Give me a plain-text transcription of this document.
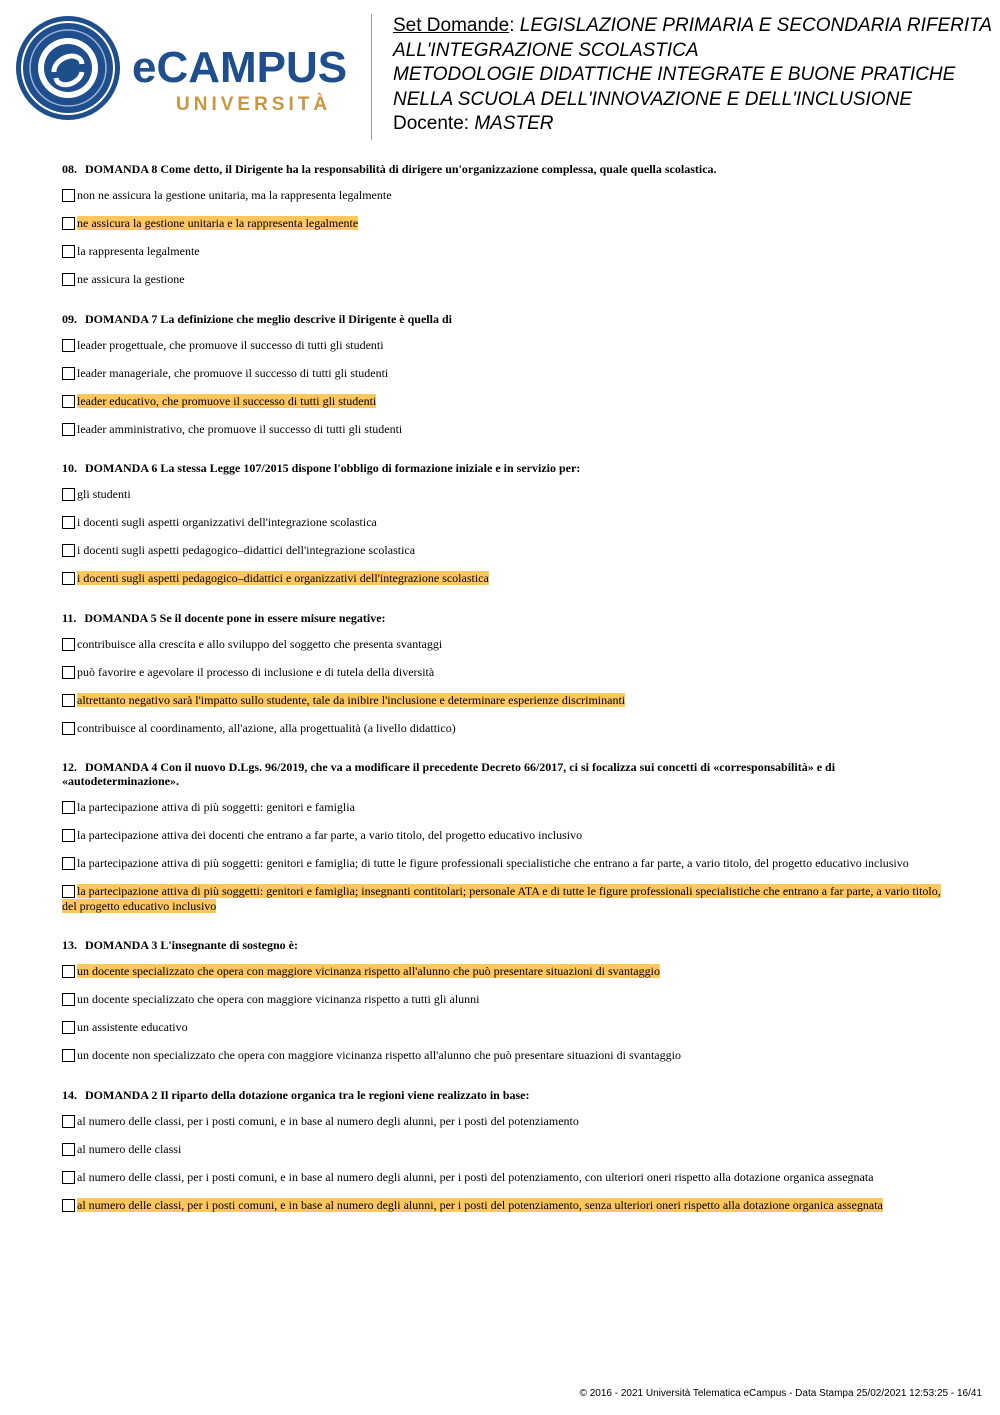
eCAMPUS
UNIVERSITÀ
Set Domande: LEGISLAZIONE PRIMARIA E SECONDARIA RIFERITA
ALL'INTEGRAZIONE SCOLASTICA
METODOLOGIE DIDATTICHE INTEGRATE E BUONE PRATICHE
NELLA SCUOLA DELL'INNOVAZIONE E DELL'INCLUSIONE
Docente: MASTER
08. DOMANDA 8 Come detto, il Dirigente ha la responsabilità di dirigere un'organizzazione complessa, quale quella scolastica.
non ne assicura la gestione unitaria, ma la rappresenta legalmente
ne assicura la gestione unitaria e la rappresenta legalmente
la rappresenta legalmente
ne assicura la gestione
09. DOMANDA 7 La definizione che meglio descrive il Dirigente è quella di
leader progettuale, che promuove il successo di tutti gli studenti
leader manageriale, che promuove il successo di tutti gli studenti
leader educativo, che promuove il successo di tutti gli studenti
leader amministrativo, che promuove il successo di tutti gli studenti
10. DOMANDA 6 La stessa Legge 107/2015 dispone l'obbligo di formazione iniziale e in servizio per:
gli studenti
i docenti sugli aspetti organizzativi dell'integrazione scolastica
i docenti sugli aspetti pedagogico–didattici dell'integrazione scolastica
i docenti sugli aspetti pedagogico–didattici e organizzativi dell'integrazione scolastica
11. DOMANDA 5 Se il docente pone in essere misure negative:
contribuisce alla crescita e allo sviluppo del soggetto che presenta svantaggi
può favorire e agevolare il processo di inclusione e di tutela della diversità
altrettanto negativo sarà l'impatto sullo studente, tale da inibire l'inclusione e determinare esperienze discriminanti
contribuisce al coordinamento, all'azione, alla progettualità (a livello didattico)
12. DOMANDA 4 Con il nuovo D.Lgs. 96/2019, che va a modificare il precedente Decreto 66/2017, ci si focalizza sui concetti di «corresponsabilità» e di «autodeterminazione».
la partecipazione attiva di più soggetti: genitori e famiglia
la partecipazione attiva dei docenti che entrano a far parte, a vario titolo, del progetto educativo inclusivo
la partecipazione attiva di più soggetti: genitori e famiglia; di tutte le figure professionali specialistiche che entrano a far parte, a vario titolo, del progetto educativo inclusivo
la partecipazione attiva di più soggetti: genitori e famiglia; insegnanti contitolari; personale ATA e di tutte le figure professionali specialistiche che entrano a far parte, a vario titolo, del progetto educativo inclusivo
13. DOMANDA 3 L'insegnante di sostegno è:
un docente specializzato che opera con maggiore vicinanza rispetto all'alunno che può presentare situazioni di svantaggio
un docente specializzato che opera con maggiore vicinanza rispetto a tutti gli alunni
un assistente educativo
un docente non specializzato che opera con maggiore vicinanza rispetto all'alunno che può presentare situazioni di svantaggio
14. DOMANDA 2 Il riparto della dotazione organica tra le regioni viene realizzato in base:
al numero delle classi, per i posti comuni, e in base al numero degli alunni, per i posti del potenziamento
al numero delle classi
al numero delle classi, per i posti comuni, e in base al numero degli alunni, per i posti del potenziamento, con ulteriori oneri rispetto alla dotazione organica assegnata
al numero delle classi, per i posti comuni, e in base al numero degli alunni, per i posti del potenziamento, senza ulteriori oneri rispetto alla dotazione organica assegnata
© 2016 - 2021 Università Telematica eCampus - Data Stampa 25/02/2021 12:53:25 - 16/41
